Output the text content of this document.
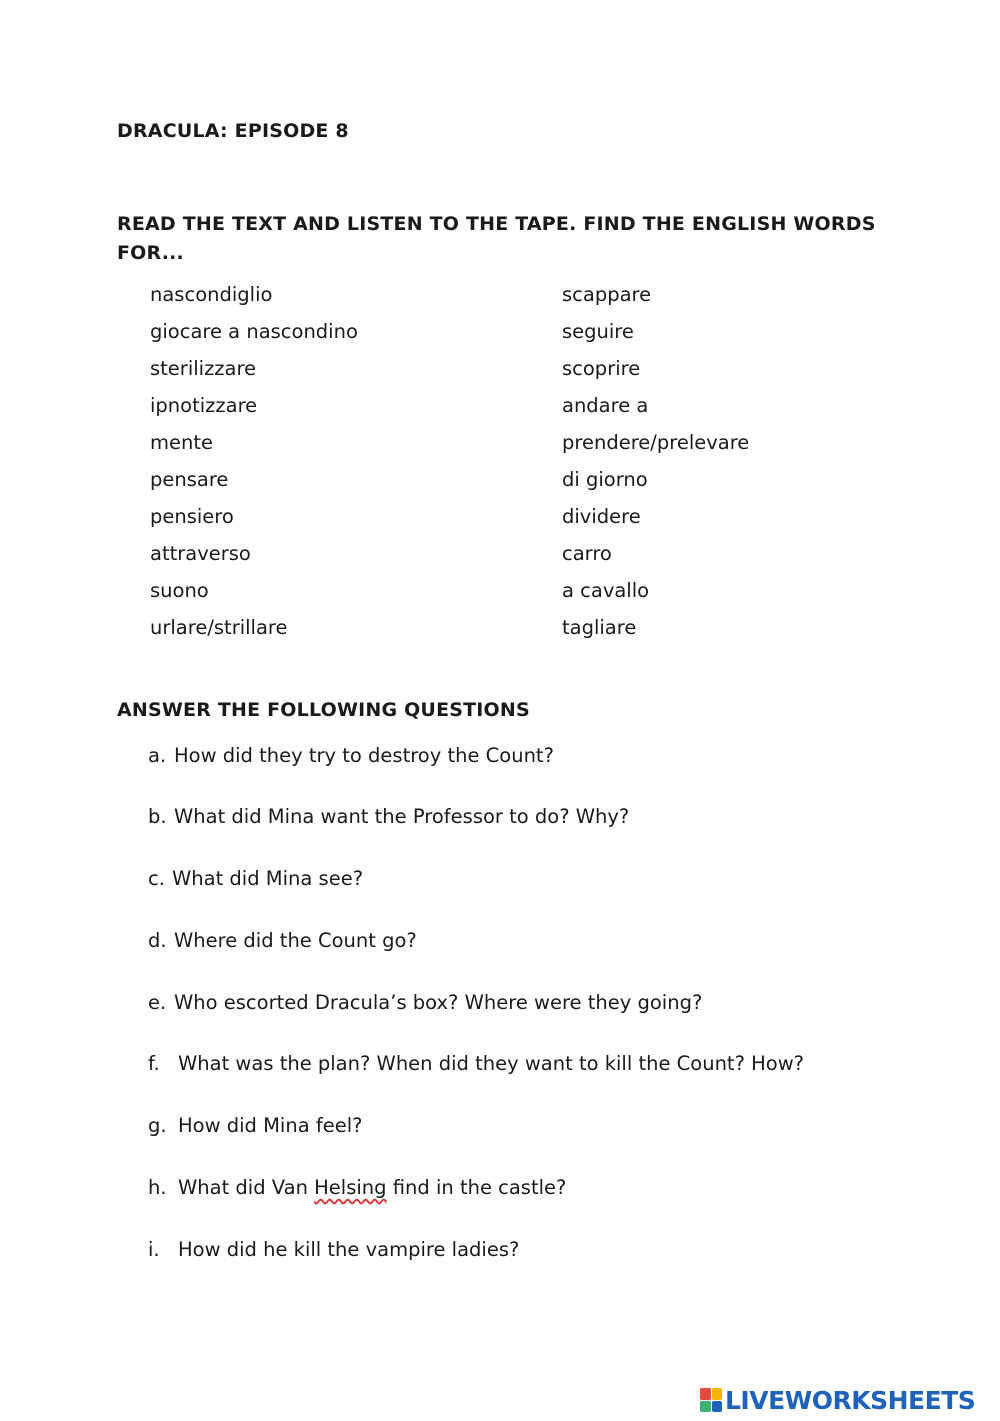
DRACULA: EPISODE 8
READ THE TEXT AND LISTEN TO THE TAPE. FIND THE ENGLISH WORDS FOR...
nascondiglio
giocare a nascondino
sterilizzare
ipnotizzare
mente
pensare
pensiero
attraverso
suono
urlare/strillare
scappare
seguire
scoprire
andare a
prendere/prelevare
di giorno
dividere
carro
a cavallo
tagliare
ANSWER THE FOLLOWING QUESTIONS
a. How did they try to destroy the Count?
b. What did Mina want the Professor to do? Why?
c. What did Mina see?
d. Where did the Count go?
e. Who escorted Dracula’s box? Where were they going?
f. What was the plan? When did they want to kill the Count? How?
g. How did Mina feel?
h. What did Van Helsing find in the castle?
i. How did he kill the vampire ladies?
LIVEWORKSHEETS
